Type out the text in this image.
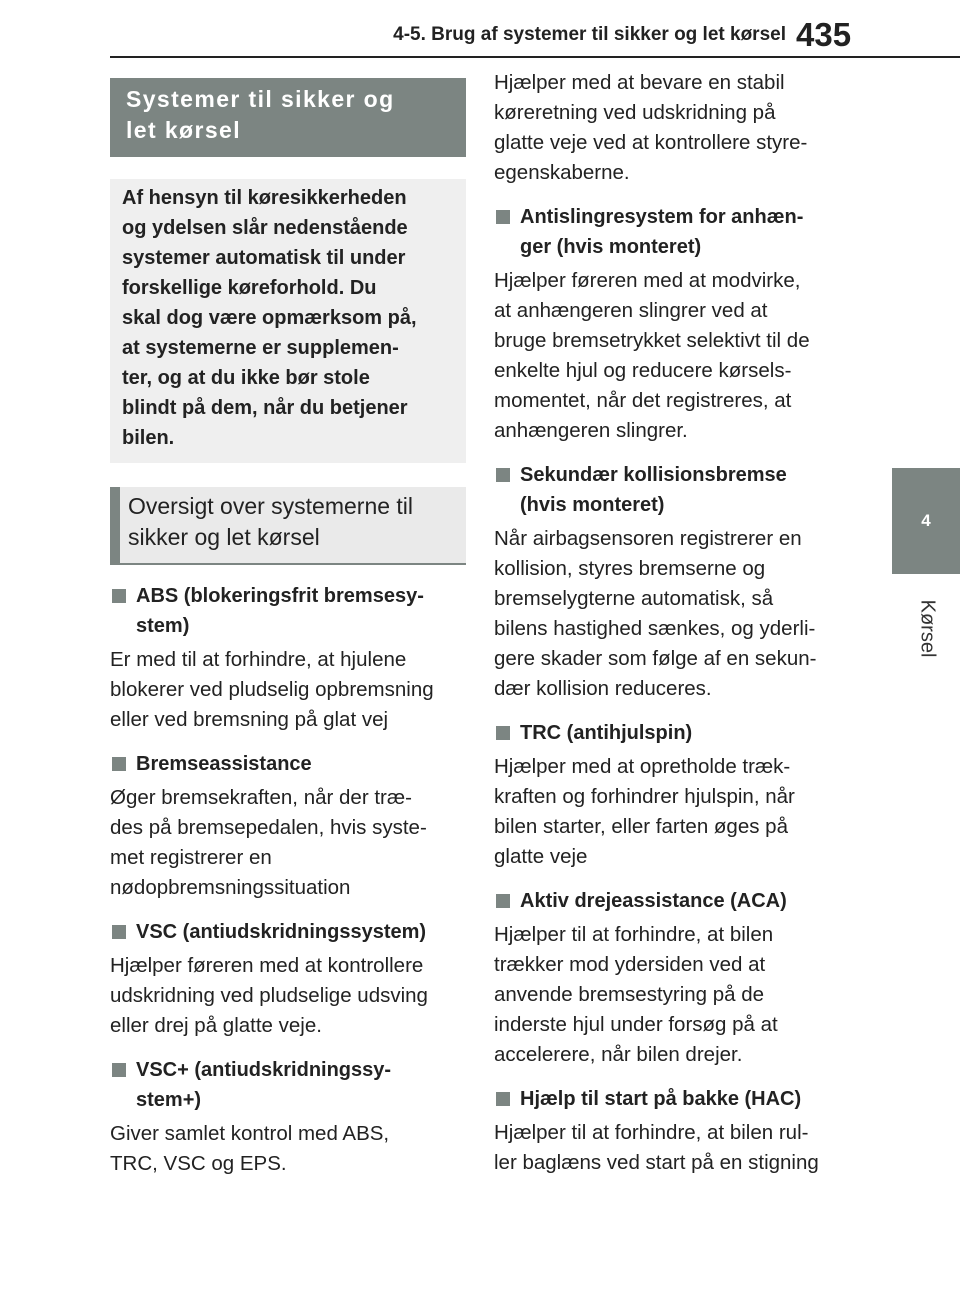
4-5. Brug af systemer til sikker og let kørsel 435
4
Kørsel
Systemer til sikker og
let kørsel
Af hensyn til køresikkerheden
og ydelsen slår nedenstående
systemer automatisk til under
forskellige køreforhold. Du
skal dog være opmærksom på,
at systemerne er supplemen-
ter, og at du ikke bør stole
blindt på dem, når du betjener
bilen.
Oversigt over systemerne til
sikker og let kørsel
ABS (blokeringsfrit bremsesy-
stem)
Er med til at forhindre, at hjulene
blokerer ved pludselig opbremsning
eller ved bremsning på glat vej
Bremseassistance
Øger bremsekraften, når der træ-
des på bremsepedalen, hvis syste-
met registrerer en
nødopbremsningssituation
VSC (antiudskridningssystem)
Hjælper føreren med at kontrollere
udskridning ved pludselige udsving
eller drej på glatte veje.
VSC+ (antiudskridningssy-
stem+)
Giver samlet kontrol med ABS,
TRC, VSC og EPS.
Hjælper med at bevare en stabil
køreretning ved udskridning på
glatte veje ved at kontrollere styre-
egenskaberne.
Antislingresystem for anhæn-
ger (hvis monteret)
Hjælper føreren med at modvirke,
at anhængeren slingrer ved at
bruge bremsetrykket selektivt til de
enkelte hjul og reducere kørsels-
momentet, når det registreres, at
anhængeren slingrer.
Sekundær kollisionsbremse
(hvis monteret)
Når airbagsensoren registrerer en
kollision, styres bremserne og
bremselygterne automatisk, så
bilens hastighed sænkes, og yderli-
gere skader som følge af en sekun-
dær kollision reduceres.
TRC (antihjulspin)
Hjælper med at opretholde træk-
kraften og forhindrer hjulspin, når
bilen starter, eller farten øges på
glatte veje
Aktiv drejeassistance (ACA)
Hjælper til at forhindre, at bilen
trækker mod ydersiden ved at
anvende bremsestyring på de
inderste hjul under forsøg på at
accelerere, når bilen drejer.
Hjælp til start på bakke (HAC)
Hjælper til at forhindre, at bilen rul-
ler baglæns ved start på en stigning
